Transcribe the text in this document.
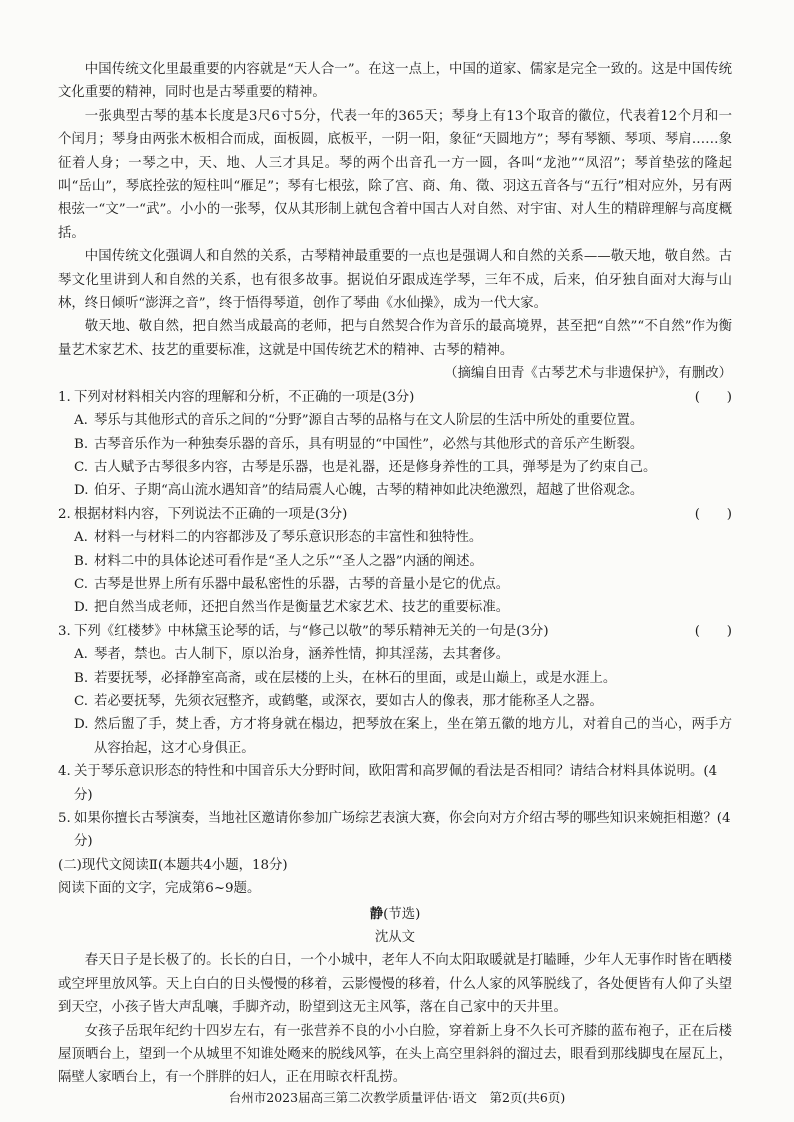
中国传统文化里最重要的内容就是“天人合一”。在这一点上，中国的道家、儒家是完全一致的。这是中国传统文化重要的精神，同时也是古琴重要的精神。

一张典型古琴的基本长度是3尺6寸5分，代表一年的365天；琴身上有13个取音的徽位，代表着12个月和一个闰月；琴身由两张木板相合而成，面板圆，底板平，一阴一阳，象征“天圆地方”；琴有琴额、琴项、琴肩……象征着人身；一琴之中，天、地、人三才具足。琴的两个出音孔一方一圆，各叫“龙池”“凤沼”；琴首垫弦的隆起叫“岳山”，琴底拴弦的短柱叫“雁足”；琴有七根弦，除了宫、商、角、徵、羽这五音各与“五行”相对应外，另有两根弦一“文”一“武”。小小的一张琴，仅从其形制上就包含着中国古人对自然、对宇宙、对人生的精辟理解与高度概括。

中国传统文化强调人和自然的关系，古琴精神最重要的一点也是强调人和自然的关系——敬天地，敬自然。古琴文化里讲到人和自然的关系，也有很多故事。据说伯牙跟成连学琴，三年不成，后来，伯牙独自面对大海与山林，终日倾听“澎湃之音”，终于悟得琴道，创作了琴曲《水仙操》，成为一代大家。

敬天地、敬自然，把自然当成最高的老师，把与自然契合作为音乐的最高境界，甚至把“自然”“不自然”作为衡量艺术家艺术、技艺的重要标准，这就是中国传统艺术的精神、古琴的精神。

（摘编自田青《古琴艺术与非遗保护》，有删改）

1. 下列对材料相关内容的理解和分析，不正确的一项是(3分)	(　　)
A. 琴乐与其他形式的音乐之间的“分野”源自古琴的品格与在文人阶层的生活中所处的重要位置。
B. 古琴音乐作为一种独奏乐器的音乐，具有明显的“中国性”，必然与其他形式的音乐产生断裂。
C. 古人赋予古琴很多内容，古琴是乐器，也是礼器，还是修身养性的工具，弹琴是为了约束自己。
D. 伯牙、子期“高山流水遇知音”的结局震人心魄，古琴的精神如此决绝激烈，超越了世俗观念。
2. 根据材料内容，下列说法不正确的一项是(3分)	(　　)
A. 材料一与材料二的内容都涉及了琴乐意识形态的丰富性和独特性。
B. 材料二中的具体论述可看作是“圣人之乐”“圣人之器”内涵的阐述。
C. 古琴是世界上所有乐器中最私密性的乐器，古琴的音量小是它的优点。
D. 把自然当成老师，还把自然当作是衡量艺术家艺术、技艺的重要标准。
3. 下列《红楼梦》中林黛玉论琴的话，与“修己以敬”的琴乐精神无关的一句是(3分)	(　　)
A. 琴者，禁也。古人制下，原以治身，涵养性情，抑其淫荡，去其奢侈。
B. 若要抚琴，必择静室高斋，或在层楼的上头，在林石的里面，或是山巅上，或是水涯上。
C. 若必要抚琴，先须衣冠整齐，或鹤氅，或深衣，要如古人的像表，那才能称圣人之器。
D. 然后盥了手，焚上香，方才将身就在榻边，把琴放在案上，坐在第五徽的地方儿，对着自己的当心，两手方从容抬起，这才心身俱正。
4. 关于琴乐意识形态的特性和中国音乐大分野时间，欧阳霄和高罗佩的看法是否相同？请结合材料具体说明。(4分)
5. 如果你擅长古琴演奏，当地社区邀请你参加广场综艺表演大赛，你会向对方介绍古琴的哪些知识来婉拒相邀？(4分)

(二)现代文阅读Ⅱ(本题共4小题，18分)

阅读下面的文字，完成第6~9题。

静(节选)

沈从文

春天日子是长极了的。长长的白日，一个小城中，老年人不向太阳取暖就是打瞌睡，少年人无事作时皆在晒楼或空坪里放风筝。天上白白的日头慢慢的移着，云影慢慢的移着，什么人家的风筝脱线了，各处便皆有人仰了头望到天空，小孩子皆大声乱嚷，手脚齐动，盼望到这无主风筝，落在自己家中的天井里。

女孩子岳珉年纪约十四岁左右，有一张营养不良的小小白脸，穿着新上身不久长可齐膝的蓝布袍子，正在后楼屋顶晒台上，望到一个从城里不知谁处飏来的脱线风筝，在头上高空里斜斜的溜过去，眼看到那线脚曳在屋瓦上，隔壁人家晒台上，有一个胖胖的妇人，正在用晾衣杆乱捞。

台州市2023届高三第二次教学质量评估·语文　第2页(共6页)
